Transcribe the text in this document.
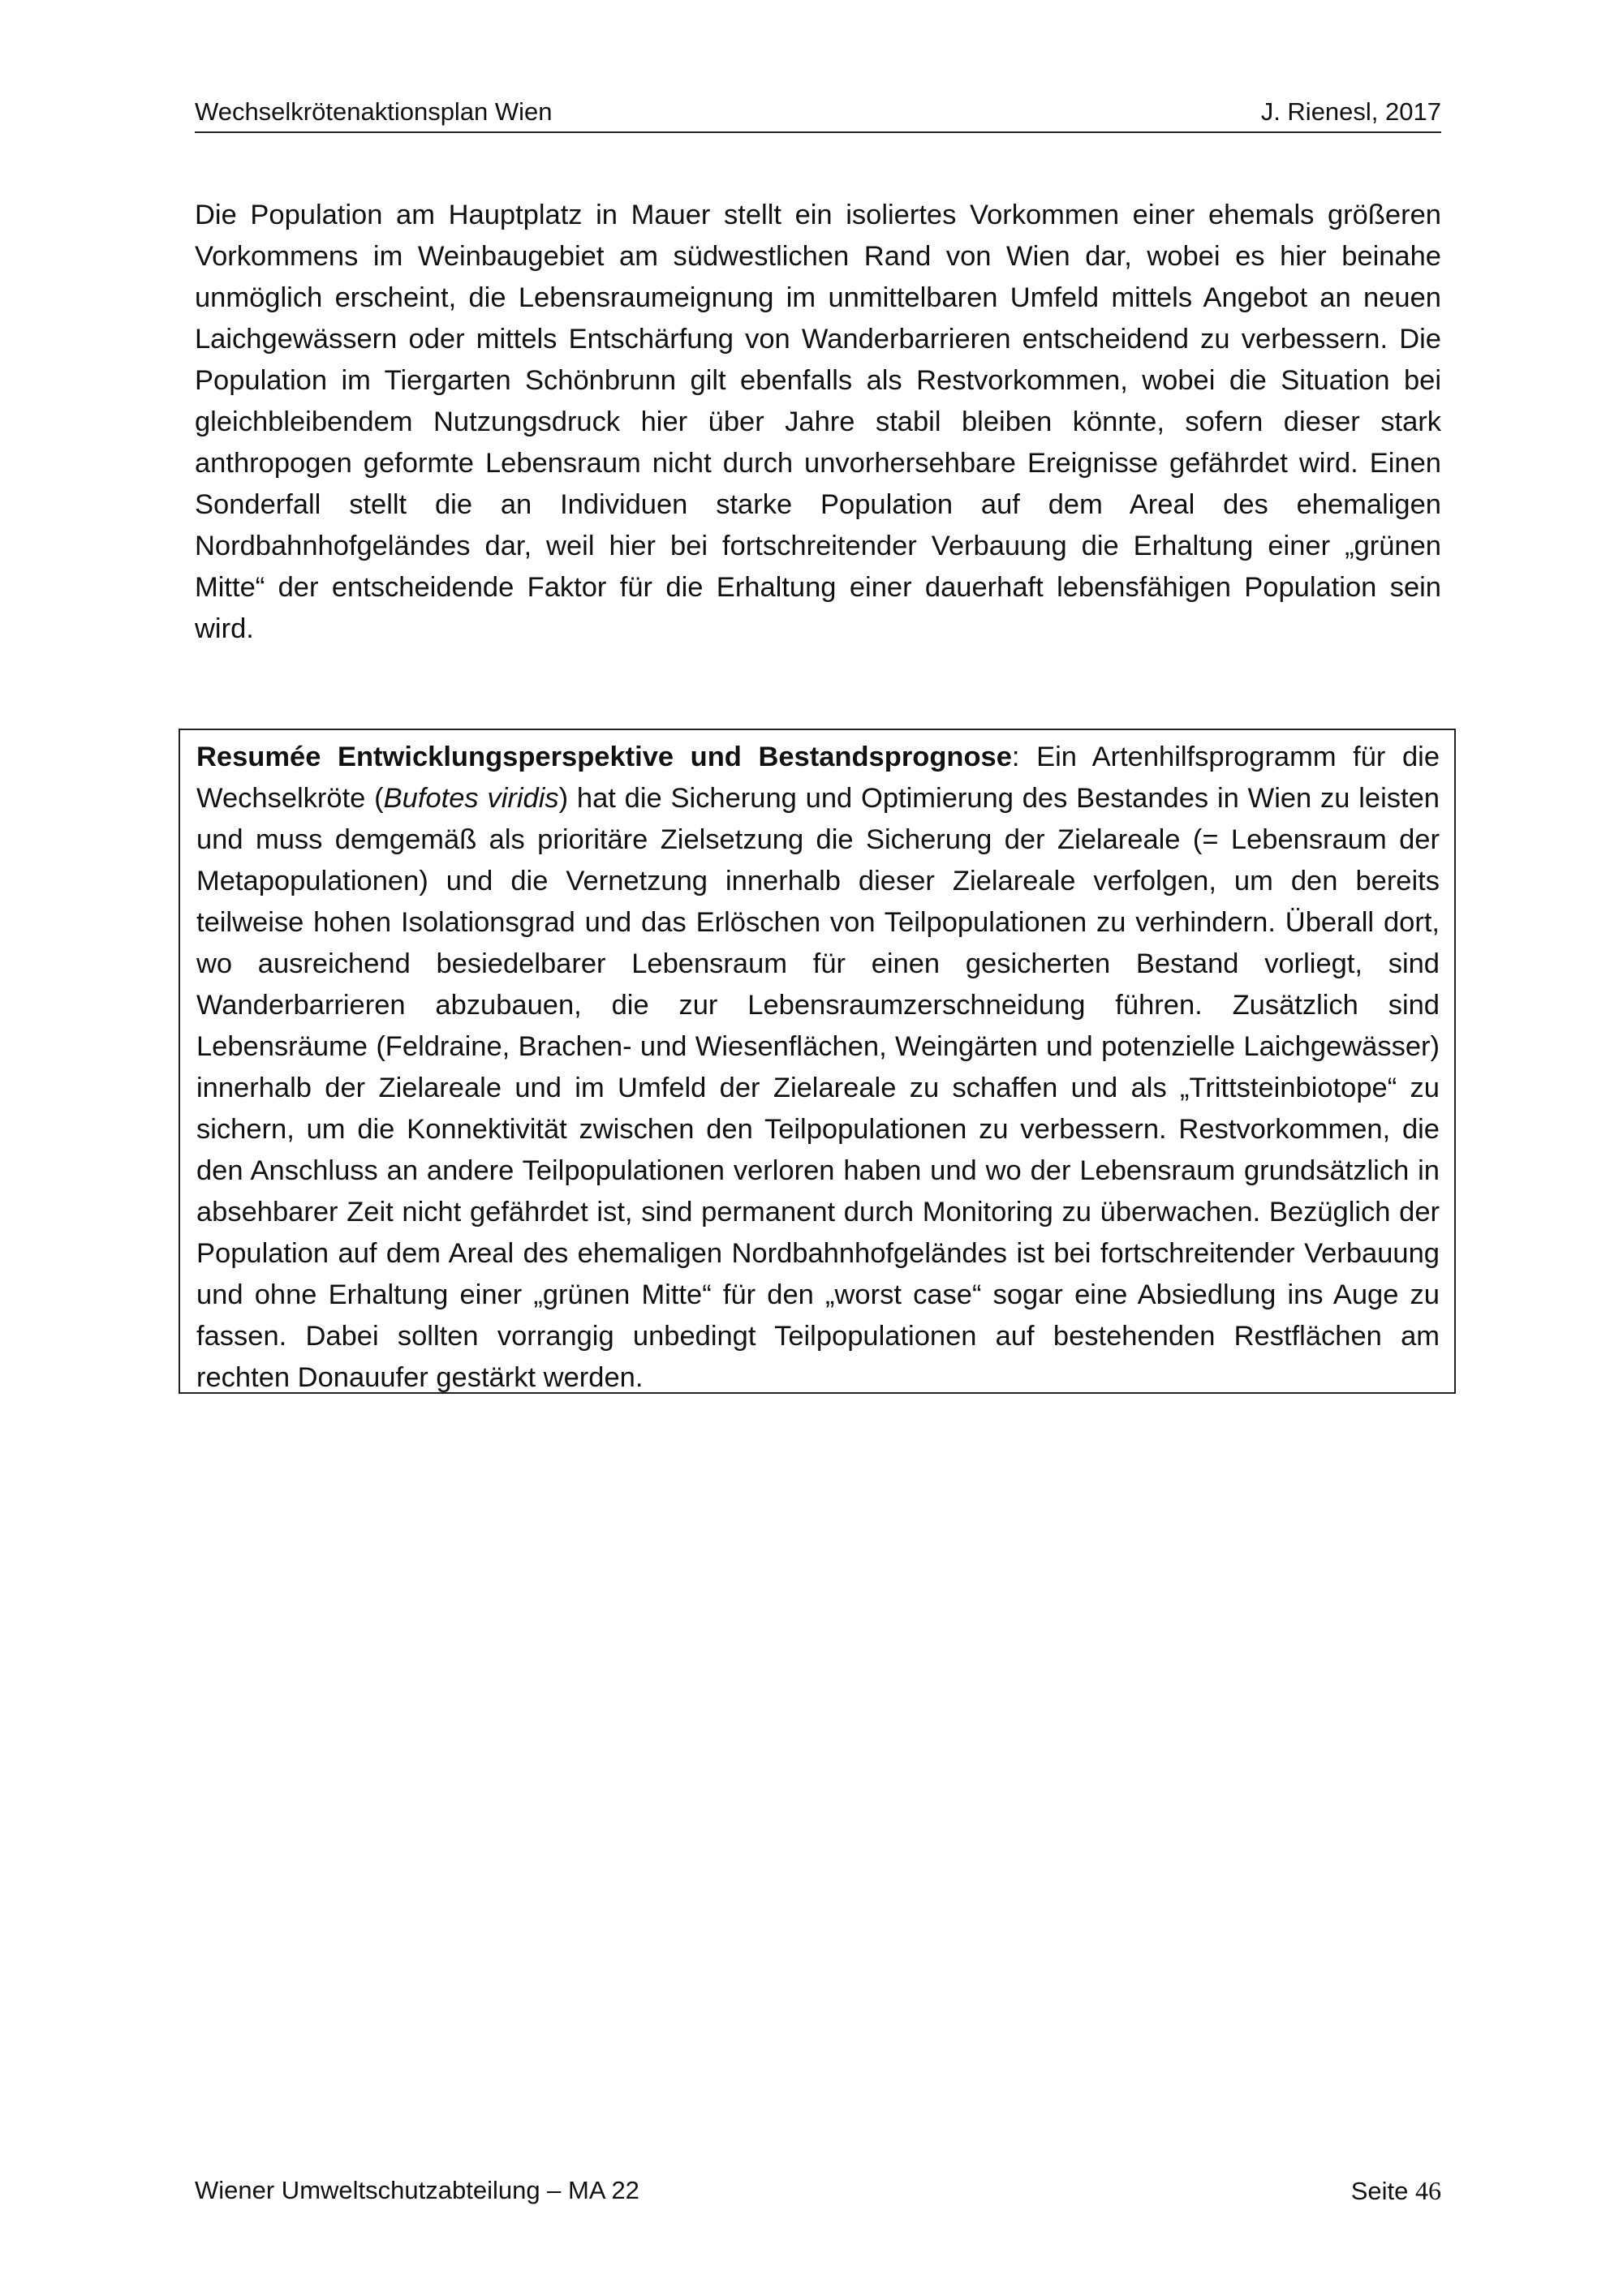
Wechselkrötenaktionsplan Wien	J. Rienesl, 2017

Die Population am Hauptplatz in Mauer stellt ein isoliertes Vorkommen einer ehemals größeren Vorkommens im Weinbaugebiet am südwestlichen Rand von Wien dar, wobei es hier beinahe unmöglich erscheint, die Lebensraumeignung im unmittelbaren Umfeld mittels Angebot an neuen Laichgewässern oder mittels Entschärfung von Wanderbarrieren entscheidend zu verbessern. Die Population im Tiergarten Schönbrunn gilt ebenfalls als Restvorkommen, wobei die Situation bei gleichbleibendem Nutzungsdruck hier über Jahre stabil bleiben könnte, sofern dieser stark anthropogen geformte Lebensraum nicht durch unvorhersehbare Ereignisse gefährdet wird. Einen Sonderfall stellt die an Individuen starke Population auf dem Areal des ehemaligen Nordbahnhofgeländes dar, weil hier bei fortschreitender Verbauung die Erhaltung einer „grünen Mitte“ der entscheidende Faktor für die Erhaltung einer dauerhaft lebensfähigen Population sein wird.

Resumée Entwicklungsperspektive und Bestandsprognose: Ein Artenhilfsprogramm für die Wechselkröte (Bufotes viridis) hat die Sicherung und Optimierung des Bestandes in Wien zu leisten und muss demgemäß als prioritäre Zielsetzung die Sicherung der Zielareale (= Lebensraum der Metapopulationen) und die Vernetzung innerhalb dieser Zielareale verfolgen, um den bereits teilweise hohen Isolationsgrad und das Erlöschen von Teilpopulationen zu verhindern. Überall dort, wo ausreichend besiedelbarer Lebensraum für einen gesicherten Bestand vorliegt, sind Wanderbarrieren abzubauen, die zur Lebensraumzerschneidung führen. Zusätzlich sind Lebensräume (Feldraine, Brachen- und Wiesenflächen, Weingärten und potenzielle Laichgewässer) innerhalb der Zielareale und im Umfeld der Zielareale zu schaffen und als „Trittsteinbiotope“ zu sichern, um die Konnektivität zwischen den Teilpopulationen zu verbessern. Restvorkommen, die den Anschluss an andere Teilpopulationen verloren haben und wo der Lebensraum grundsätzlich in absehbarer Zeit nicht gefährdet ist, sind permanent durch Monitoring zu überwachen. Bezüglich der Population auf dem Areal des ehemaligen Nordbahnhofgeländes ist bei fortschreitender Verbauung und ohne Erhaltung einer „grünen Mitte“ für den „worst case“ sogar eine Absiedlung ins Auge zu fassen. Dabei sollten vorrangig unbedingt Teilpopulationen auf bestehenden Restflächen am rechten Donauufer gestärkt werden.

Wiener Umweltschutzabteilung – MA 22	Seite 46
